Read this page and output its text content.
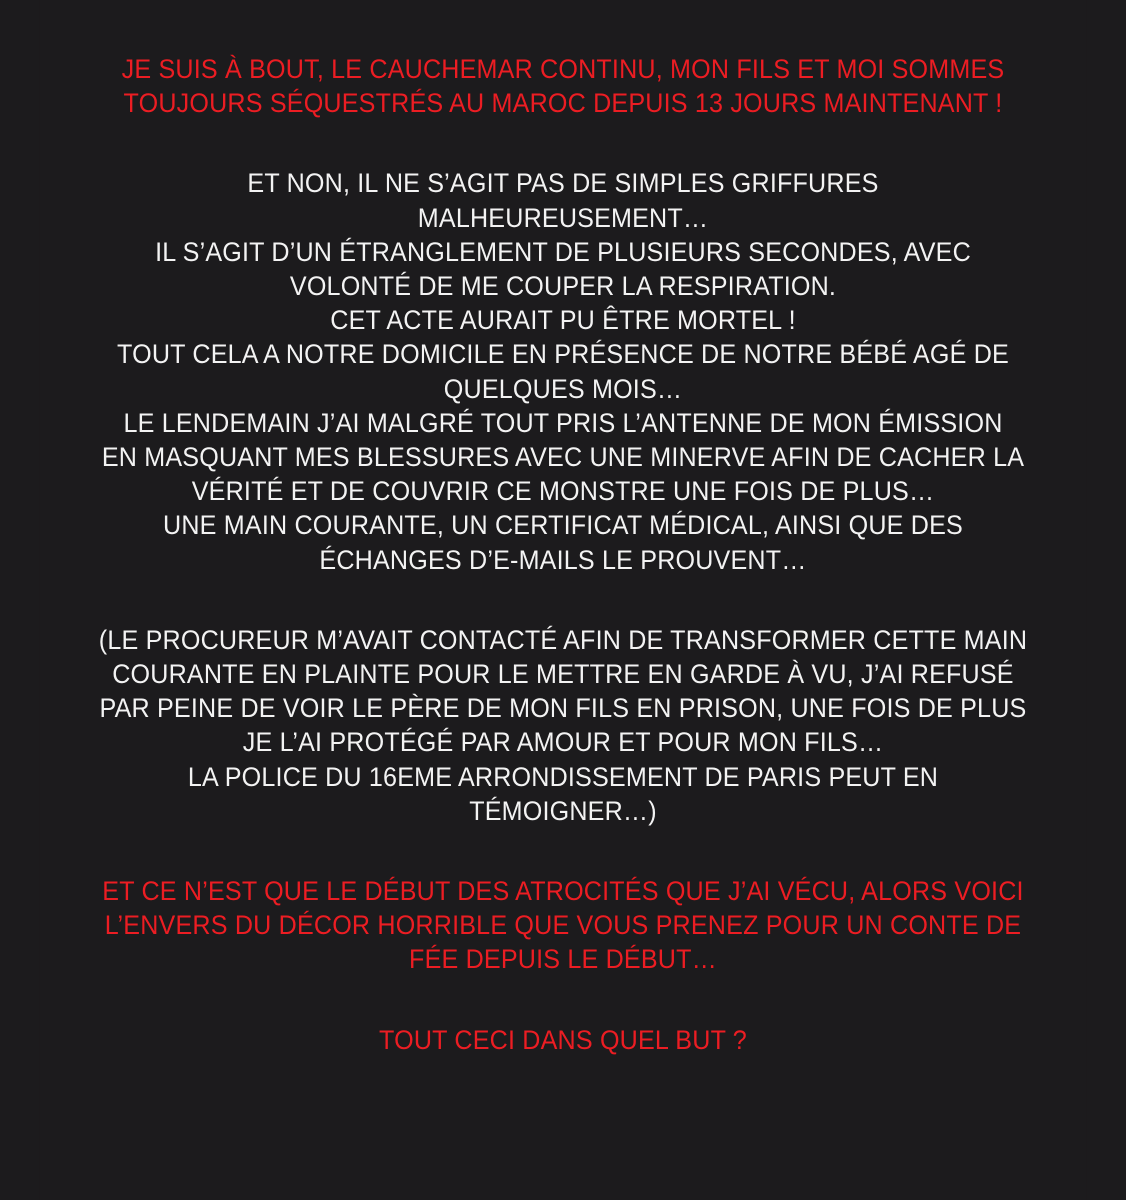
JE SUIS À BOUT, LE CAUCHEMAR CONTINU, MON FILS ET MOI SOMMES
TOUJOURS SÉQUESTRÉS AU MAROC DEPUIS 13 JOURS MAINTENANT !
ET NON, IL NE S’AGIT PAS DE SIMPLES GRIFFURES
MALHEUREUSEMENT…
IL S’AGIT D’UN ÉTRANGLEMENT DE PLUSIEURS SECONDES, AVEC
VOLONTÉ DE ME COUPER LA RESPIRATION.
CET ACTE AURAIT PU ÊTRE MORTEL !
TOUT CELA A NOTRE DOMICILE EN PRÉSENCE DE NOTRE BÉBÉ AGÉ DE
QUELQUES MOIS…
LE LENDEMAIN J’AI MALGRÉ TOUT PRIS L’ANTENNE DE MON ÉMISSION
EN MASQUANT MES BLESSURES AVEC UNE MINERVE AFIN DE CACHER LA
VÉRITÉ ET DE COUVRIR CE MONSTRE UNE FOIS DE PLUS…
UNE MAIN COURANTE, UN CERTIFICAT MÉDICAL, AINSI QUE DES
ÉCHANGES D’E-MAILS LE PROUVENT…
(LE PROCUREUR M’AVAIT CONTACTÉ AFIN DE TRANSFORMER CETTE MAIN
COURANTE EN PLAINTE POUR LE METTRE EN GARDE À VU, J’AI REFUSÉ
PAR PEINE DE VOIR LE PÈRE DE MON FILS EN PRISON, UNE FOIS DE PLUS
JE L’AI PROTÉGÉ PAR AMOUR ET POUR MON FILS…
LA POLICE DU 16EME ARRONDISSEMENT DE PARIS PEUT EN
TÉMOIGNER…)
ET CE N’EST QUE LE DÉBUT DES ATROCITÉS QUE J’AI VÉCU, ALORS VOICI
L’ENVERS DU DÉCOR HORRIBLE QUE VOUS PRENEZ POUR UN CONTE DE
FÉE DEPUIS LE DÉBUT…
TOUT CECI DANS QUEL BUT ?
